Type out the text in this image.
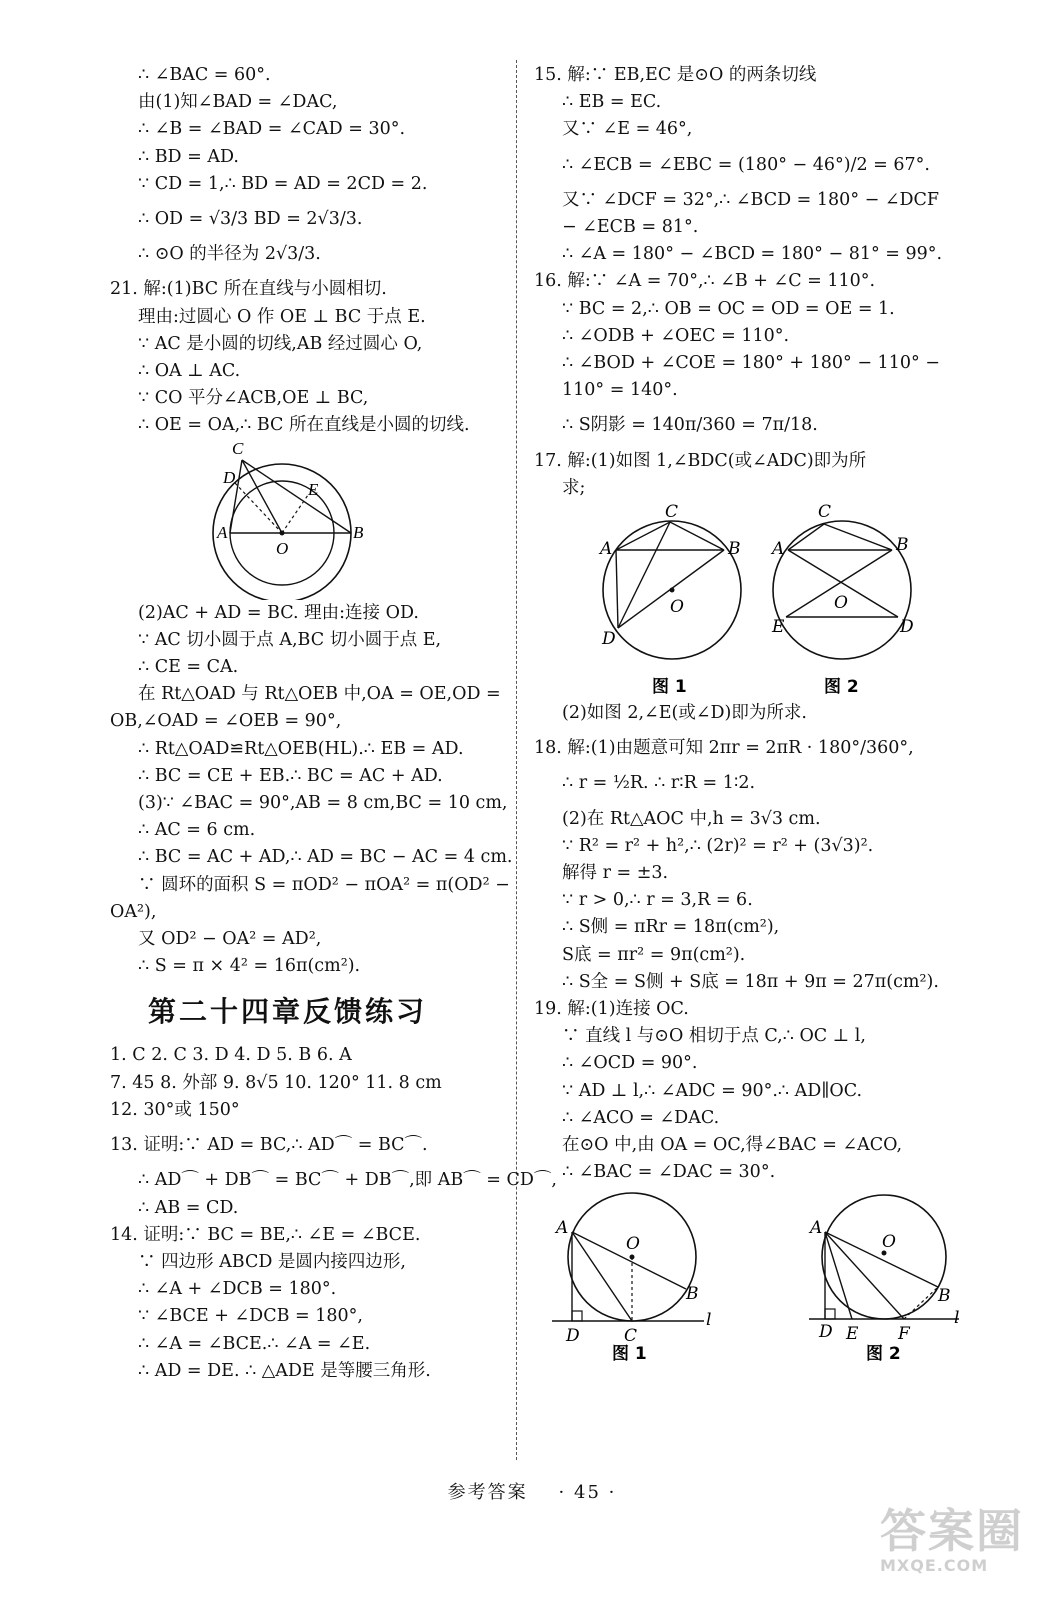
∴ ∠BAC = 60°.
由(1)知∠BAD = ∠DAC,
∴ ∠B = ∠BAD = ∠CAD = 30°.
∴ BD = AD.
∵ CD = 1,∴ BD = AD = 2CD = 2.
∴ OD = √3/3 BD = 2√3/3.
∴ ⊙O 的半径为 2√3/3.
21. 解:(1)BC 所在直线与小圆相切.
理由:过圆心 O 作 OE ⊥ BC 于点 E.
∵ AC 是小圆的切线,AB 经过圆心 O,
∴ OA ⊥ AC.
∵ CO 平分∠ACB,OE ⊥ BC,
∴ OE = OA,∴ BC 所在直线是小圆的切线.
C
D
E
A
O
B
(2)AC + AD = BC. 理由:连接 OD.
∵ AC 切小圆于点 A,BC 切小圆于点 E,
∴ CE = CA.
在 Rt△OAD 与 Rt△OEB 中,OA = OE,OD =
OB,∠OAD = ∠OEB = 90°,
∴ Rt△OAD≌Rt△OEB(HL).∴ EB = AD.
∴ BC = CE + EB.∴ BC = AC + AD.
(3)∵ ∠BAC = 90°,AB = 8 cm,BC = 10 cm,
∴ AC = 6 cm.
∴ BC = AC + AD,∴ AD = BC − AC = 4 cm.
∵ 圆环的面积 S = πOD² − πOA² = π(OD² −
OA²),
又 OD² − OA² = AD²,
∴ S = π × 4² = 16π(cm²).
第二十四章反馈练习
1. C 2. C 3. D 4. D 5. B 6. A
7. 45 8. 外部 9. 8√5 10. 120° 11. 8 cm
12. 30°或 150°
13. 证明:∵ AD = BC,∴ AD⌒ = BC⌒.
∴ AD⌒ + DB⌒ = BC⌒ + DB⌒,即 AB⌒ = CD⌒,
∴ AB = CD.
14. 证明:∵ BC = BE,∴ ∠E = ∠BCE.
∵ 四边形 ABCD 是圆内接四边形,
∴ ∠A + ∠DCB = 180°.
∵ ∠BCE + ∠DCB = 180°,
∴ ∠A = ∠BCE.∴ ∠A = ∠E.
∴ AD = DE. ∴ △ADE 是等腰三角形.
15. 解:∵ EB,EC 是⊙O 的两条切线
∴ EB = EC.
又∵ ∠E = 46°,
∴ ∠ECB = ∠EBC = (180° − 46°)/2 = 67°.
又∵ ∠DCF = 32°,∴ ∠BCD = 180° − ∠DCF
− ∠ECB = 81°.
∴ ∠A = 180° − ∠BCD = 180° − 81° = 99°.
16. 解:∵ ∠A = 70°,∴ ∠B + ∠C = 110°.
∵ BC = 2,∴ OB = OC = OD = OE = 1.
∴ ∠ODB + ∠OEC = 110°.
∴ ∠BOD + ∠COE = 180° + 180° − 110° −
110° = 140°.
∴ S阴影 = 140π/360 = 7π/18.
17. 解:(1)如图 1,∠BDC(或∠ADC)即为所
求;
C
A	B
O
D
图 1
C
A	B
O
E	D
图 2
(2)如图 2,∠E(或∠D)即为所求.
18. 解:(1)由题意可知 2πr = 2πR · 180°/360°,
∴ r = ½R. ∴ r∶R = 1∶2.
(2)在 Rt△AOC 中,h = 3√3 cm.
∵ R² = r² + h²,∴ (2r)² = r² + (3√3)².
解得 r = ±3.
∵ r > 0,∴ r = 3,R = 6.
∴ S侧 = πRr = 18π(cm²),
S底 = πr² = 9π(cm²).
∴ S全 = S侧 + S底 = 18π + 9π = 27π(cm²).
19. 解:(1)连接 OC.
∵ 直线 l 与⊙O 相切于点 C,∴ OC ⊥ l,
∴ ∠OCD = 90°.
∵ AD ⊥ l,∴ ∠ADC = 90°.∴ AD∥OC.
∴ ∠ACO = ∠DAC.
在⊙O 中,由 OA = OC,得∠BAC = ∠ACO,
∴ ∠BAC = ∠DAC = 30°.
A
O
B
D	C
l
图 1
A
O
B
D E F
l
图 2
参考答案 · 45 ·
答案圈
MXQE.COM
